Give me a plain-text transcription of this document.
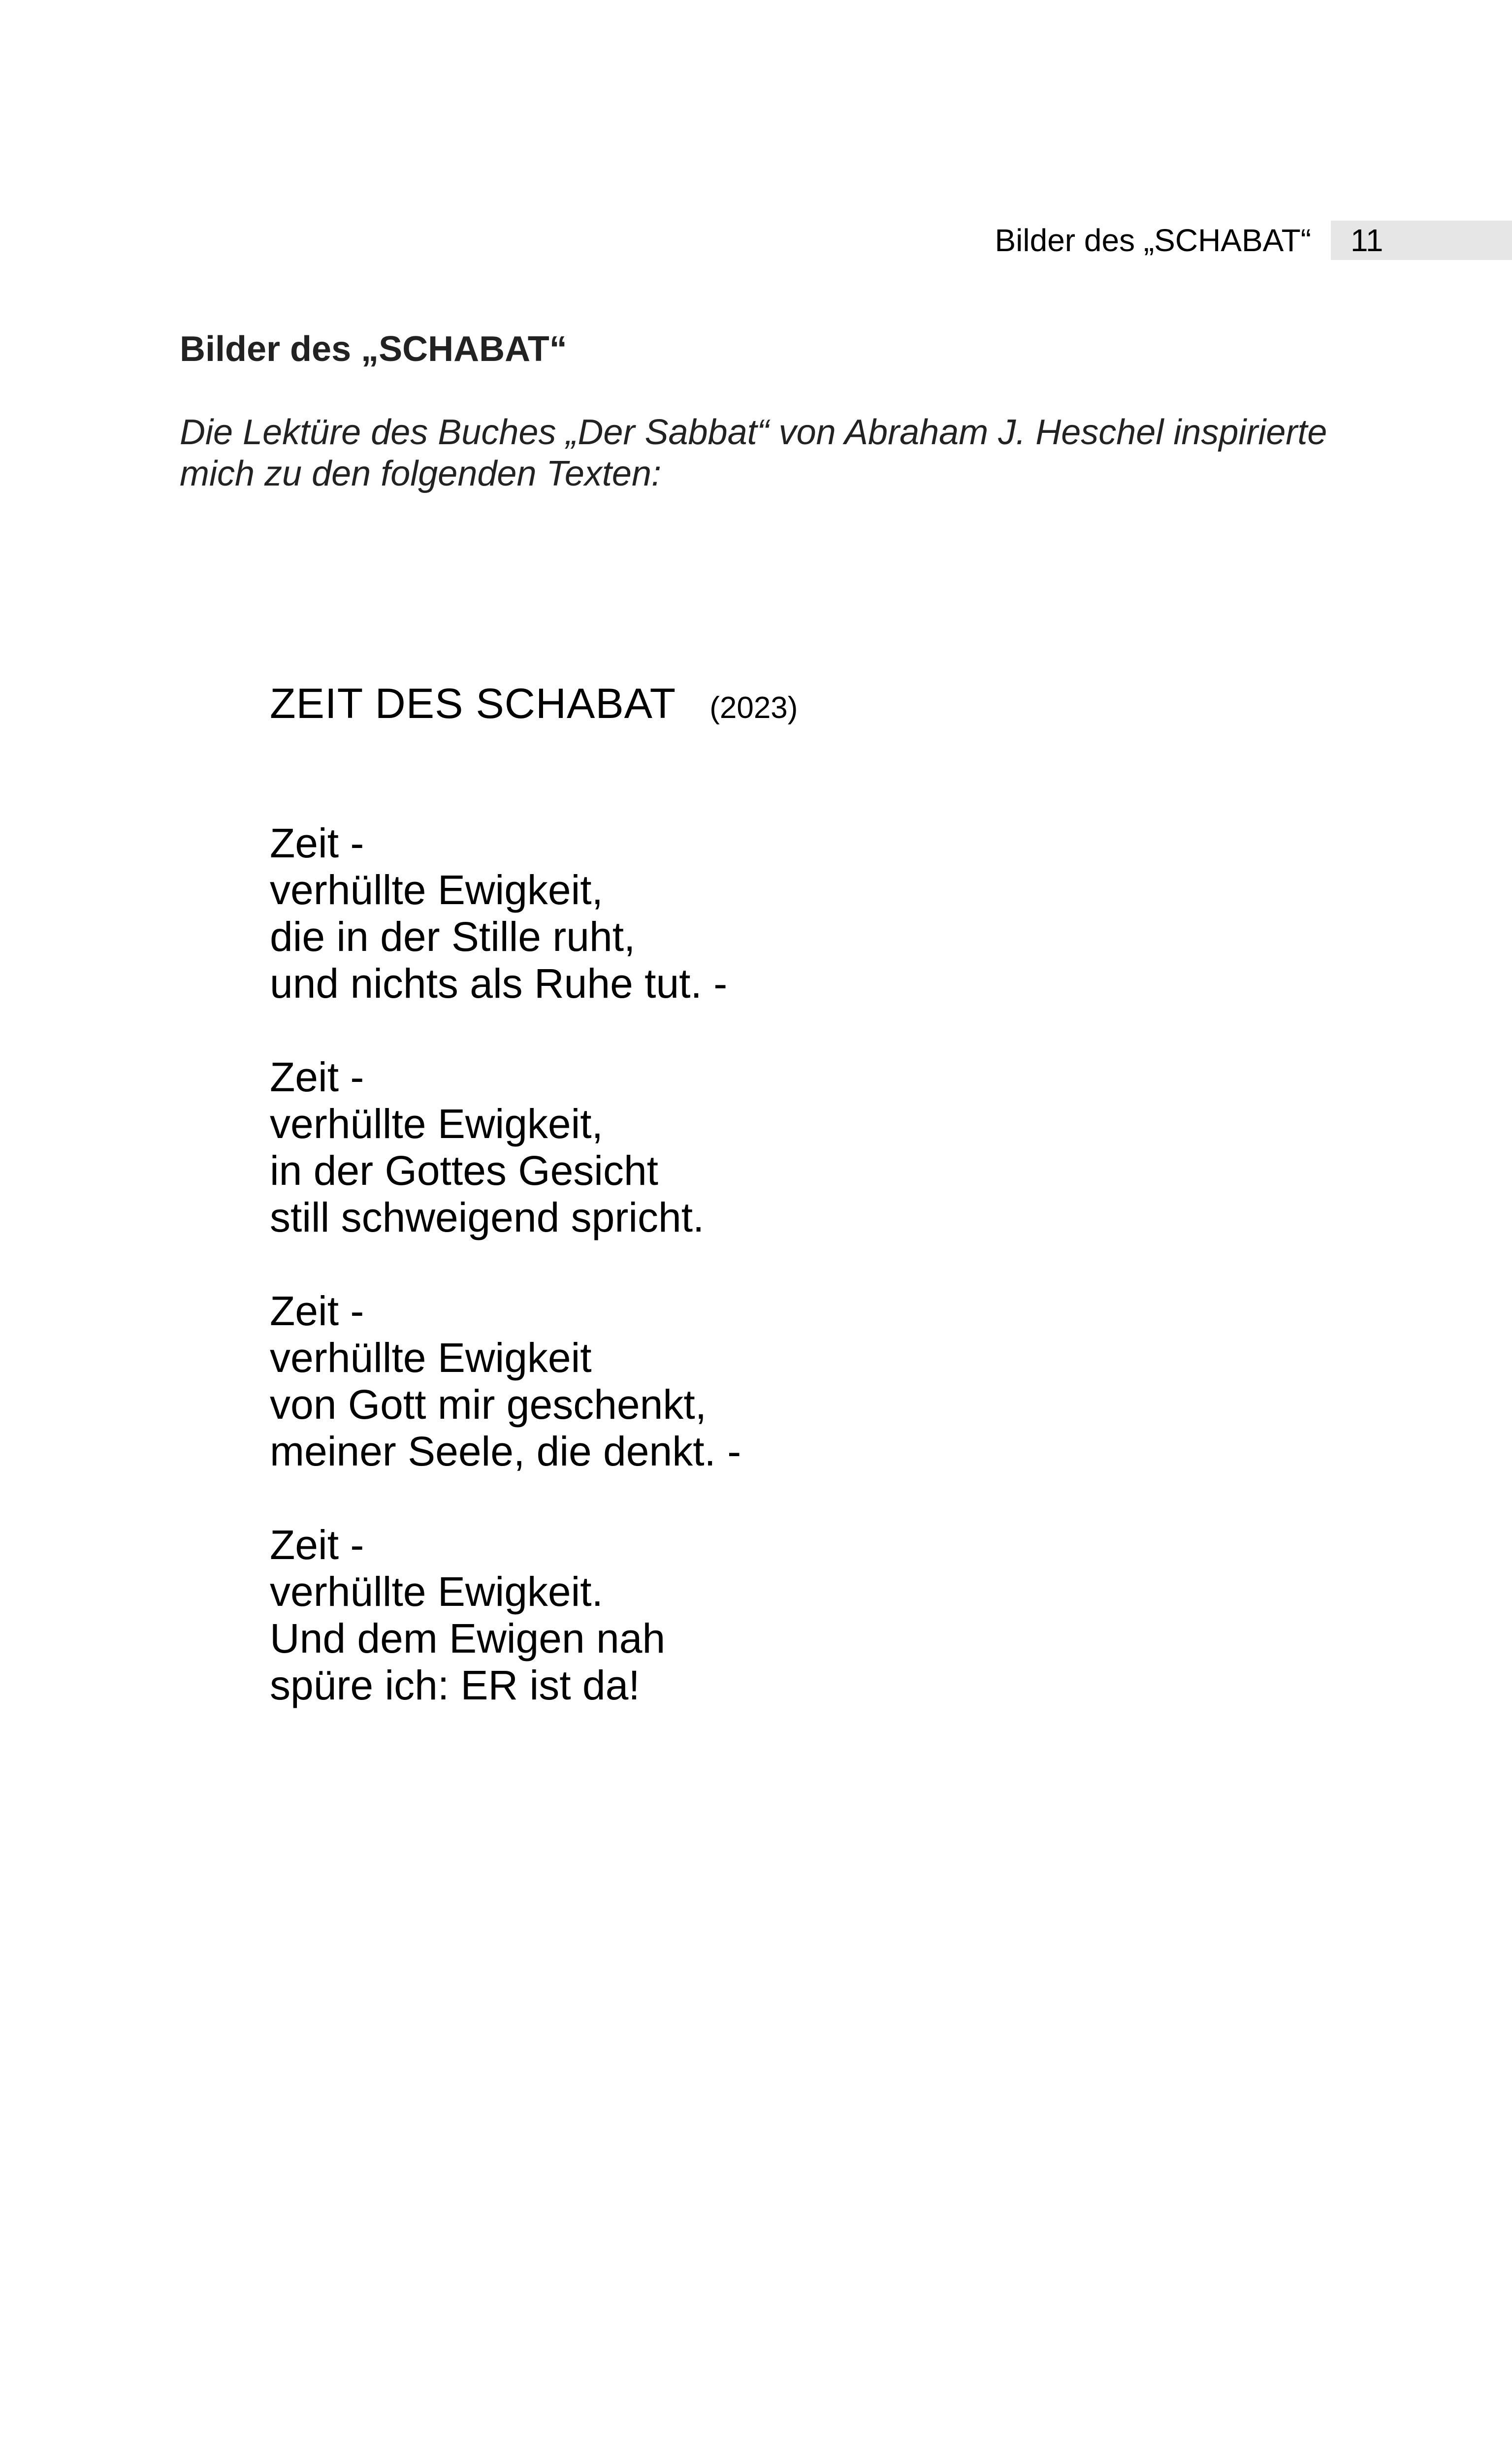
Bilder des „SCHABAT“ 11
Bilder des „SCHABAT“
Die Lektüre des Buches „Der Sabbat“ von Abraham J. Heschel inspirierte mich zu den folgenden Texten:
ZEIT DES SCHABAT (2023)
Zeit -
verhüllte Ewigkeit,
die in der Stille ruht,
und nichts als Ruhe tut. -
Zeit -
verhüllte Ewigkeit,
in der Gottes Gesicht
still schweigend spricht.
Zeit -
verhüllte Ewigkeit
von Gott mir geschenkt,
meiner Seele, die denkt. -
Zeit -
verhüllte Ewigkeit.
Und dem Ewigen nah
spüre ich: ER ist da!
